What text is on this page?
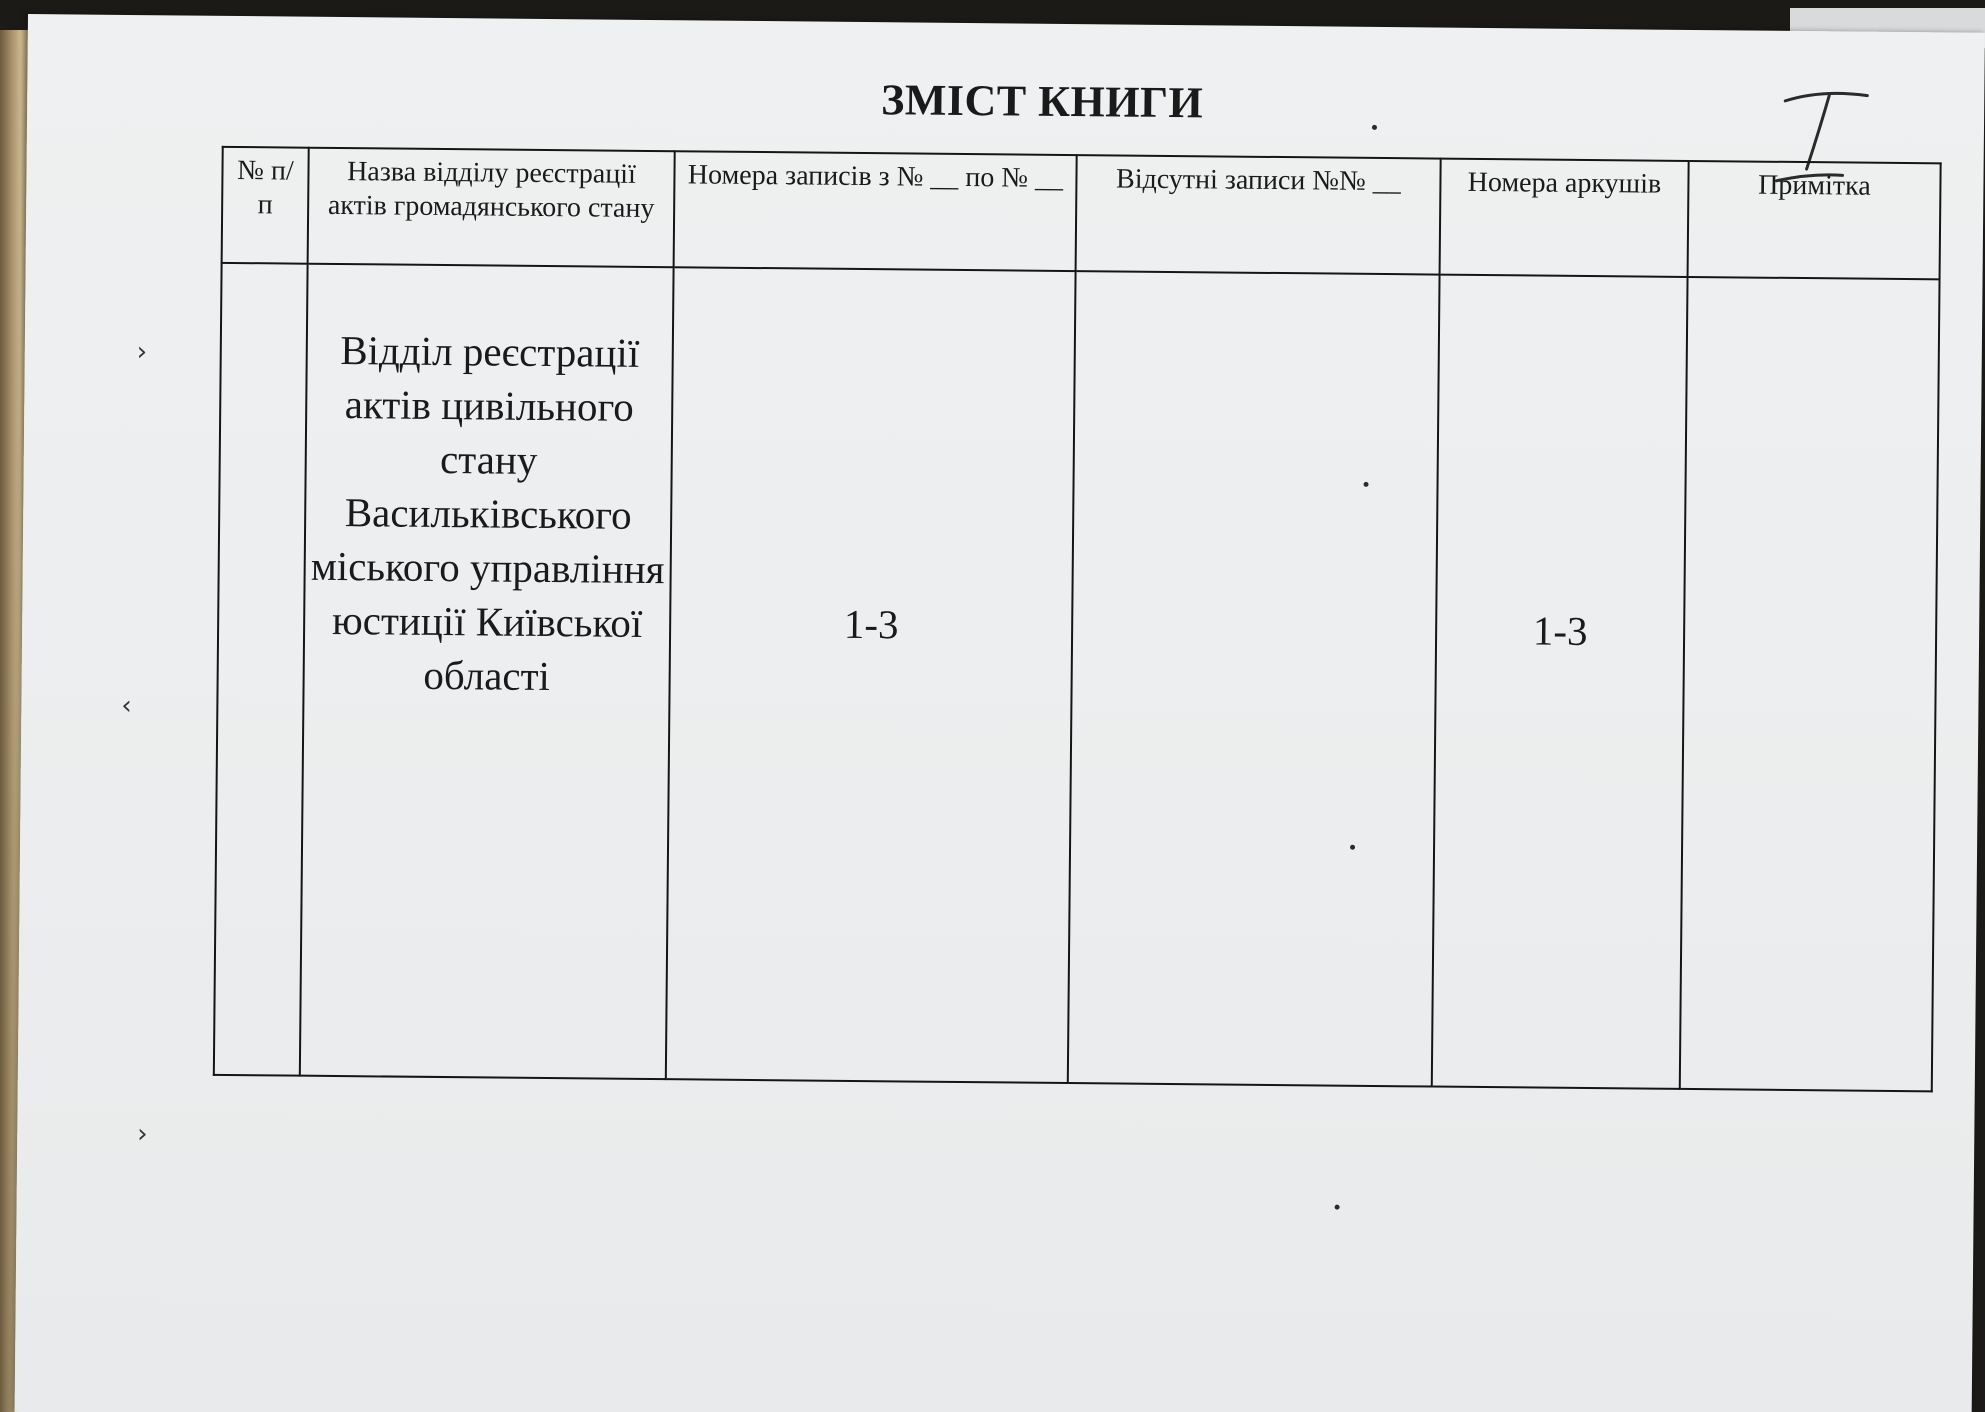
ЗМІСТ КНИГИ
№ п/п	Назва відділу реєстрації актів громадянського стану	Номера записів з № __ по № __	Відсутні записи №№ __	Номера аркушів	Примітка
	Відділ реєстрації актів цивільного стану Васильківського міського управління юстиції Київської області	1-3		1-3	
›
‹
›
